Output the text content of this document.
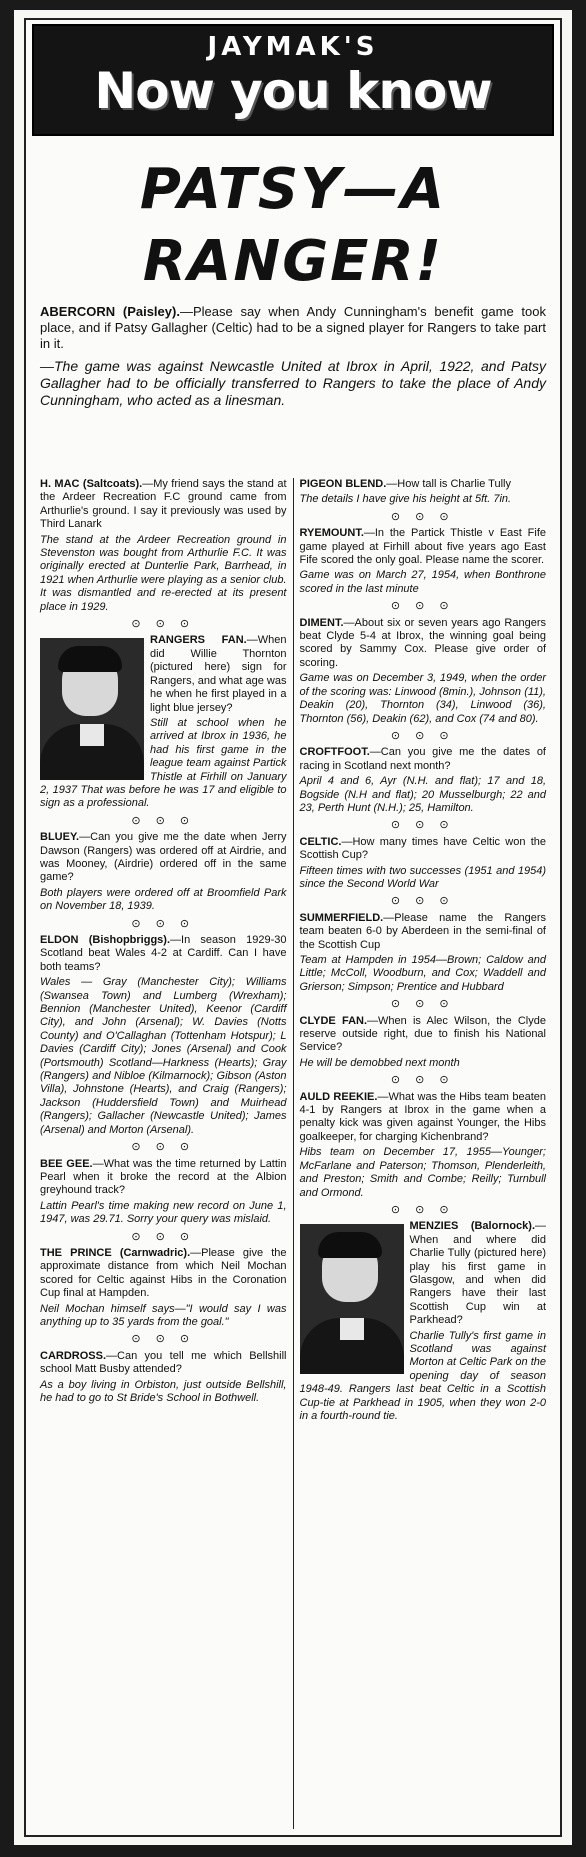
JAYMAK'S
Now you know
PATSY—A RANGER!
ABERCORN (Paisley).—Please say when Andy Cunningham's benefit game took place, and if Patsy Gallagher (Celtic) had to be a signed player for Rangers to take part in it.
—The game was against Newcastle United at Ibrox in April, 1922, and Patsy Gallagher had to be officially transferred to Rangers to take the place of Andy Cunningham, who acted as a linesman.
H. MAC (Saltcoats).—My friend says the stand at the Ardeer Recreation F.C ground came from Arthurlie's ground. I say it previously was used by Third Lanark
The stand at the Ardeer Recreation ground in Stevenston was bought from Arthurlie F.C. It was originally erected at Dunterlie Park, Barrhead, in 1921 when Arthurlie were playing as a senior club. It was dismantled and re-erected at its present place in 1929.
⊙ ⊙ ⊙
RANGERS FAN.—When did Willie Thornton (pictured here) sign for Rangers, and what age was he when he first played in a light blue jersey?
Still at school when he arrived at Ibrox in 1936, he had his first game in the league team against Partick Thistle at Firhill on January 2, 1937 That was before he was 17 and eligible to sign as a professional.
⊙ ⊙ ⊙
BLUEY.—Can you give me the date when Jerry Dawson (Rangers) was ordered off at Airdrie, and was Mooney, (Airdrie) ordered off in the same game?
Both players were ordered off at Broomfield Park on November 18, 1939.
⊙ ⊙ ⊙
ELDON (Bishopbriggs).—In season 1929-30 Scotland beat Wales 4-2 at Cardiff. Can I have both teams?
Wales — Gray (Manchester City); Williams (Swansea Town) and Lumberg (Wrexham); Bennion (Manchester United), Keenor (Cardiff City), and John (Arsenal); W. Davies (Notts County) and O'Callaghan (Tottenham Hotspur); L Davies (Cardiff City); Jones (Arsenal) and Cook (Portsmouth) Scotland—Harkness (Hearts); Gray (Rangers) and Nibloe (Kilmarnock); Gibson (Aston Villa), Johnstone (Hearts), and Craig (Rangers); Jackson (Huddersfield Town) and Muirhead (Rangers); Gallacher (Newcastle United); James (Arsenal) and Morton (Arsenal).
⊙ ⊙ ⊙
BEE GEE.—What was the time returned by Lattin Pearl when it broke the record at the Albion greyhound track?
Lattin Pearl's time making new record on June 1, 1947, was 29.71. Sorry your query was mislaid.
⊙ ⊙ ⊙
THE PRINCE (Carnwadric).—Please give the approximate distance from which Neil Mochan scored for Celtic against Hibs in the Coronation Cup final at Hampden.
Neil Mochan himself says—"I would say I was anything up to 35 yards from the goal."
⊙ ⊙ ⊙
CARDROSS.—Can you tell me which Bellshill school Matt Busby attended?
As a boy living in Orbiston, just outside Bellshill, he had to go to St Bride's School in Bothwell.
PIGEON BLEND.—How tall is Charlie Tully
The details I have give his height at 5ft. 7in.
⊙ ⊙ ⊙
RYEMOUNT.—In the Partick Thistle v East Fife game played at Firhill about five years ago East Fife scored the only goal. Please name the scorer.
Game was on March 27, 1954, when Bonthrone scored in the last minute
⊙ ⊙ ⊙
DIMENT.—About six or seven years ago Rangers beat Clyde 5-4 at Ibrox, the winning goal being scored by Sammy Cox. Please give order of scoring.
Game was on December 3, 1949, when the order of the scoring was: Linwood (8min.), Johnson (11), Deakin (20), Thornton (34), Linwood (36), Thornton (56), Deakin (62), and Cox (74 and 80).
⊙ ⊙ ⊙
CROFTFOOT.—Can you give me the dates of racing in Scotland next month?
April 4 and 6, Ayr (N.H. and flat); 17 and 18, Bogside (N.H and flat); 20 Musselburgh; 22 and 23, Perth Hunt (N.H.); 25, Hamilton.
⊙ ⊙ ⊙
CELTIC.—How many times have Celtic won the Scottish Cup?
Fifteen times with two successes (1951 and 1954) since the Second World War
⊙ ⊙ ⊙
SUMMERFIELD.—Please name the Rangers team beaten 6-0 by Aberdeen in the semi-final of the Scottish Cup
Team at Hampden in 1954—Brown; Caldow and Little; McColl, Woodburn, and Cox; Waddell and Grierson; Simpson; Prentice and Hubbard
⊙ ⊙ ⊙
CLYDE FAN.—When is Alec Wilson, the Clyde reserve outside right, due to finish his National Service?
He will be demobbed next month
⊙ ⊙ ⊙
AULD REEKIE.—What was the Hibs team beaten 4-1 by Rangers at Ibrox in the game when a penalty kick was given against Younger, the Hibs goalkeeper, for charging Kichenbrand?
Hibs team on December 17, 1955—Younger; McFarlane and Paterson; Thomson, Plenderleith, and Preston; Smith and Combe; Reilly; Turnbull and Ormond.
⊙ ⊙ ⊙
MENZIES (Balornock).— When and where did Charlie Tully (pictured here) play his first game in Glasgow, and when did Rangers have their last Scottish Cup win at Parkhead?
Charlie Tully's first game in Scotland was against Morton at Celtic Park on the opening day of season 1948-49. Rangers last beat Celtic in a Scottish Cup-tie at Parkhead in 1905, when they won 2-0 in a fourth-round tie.
